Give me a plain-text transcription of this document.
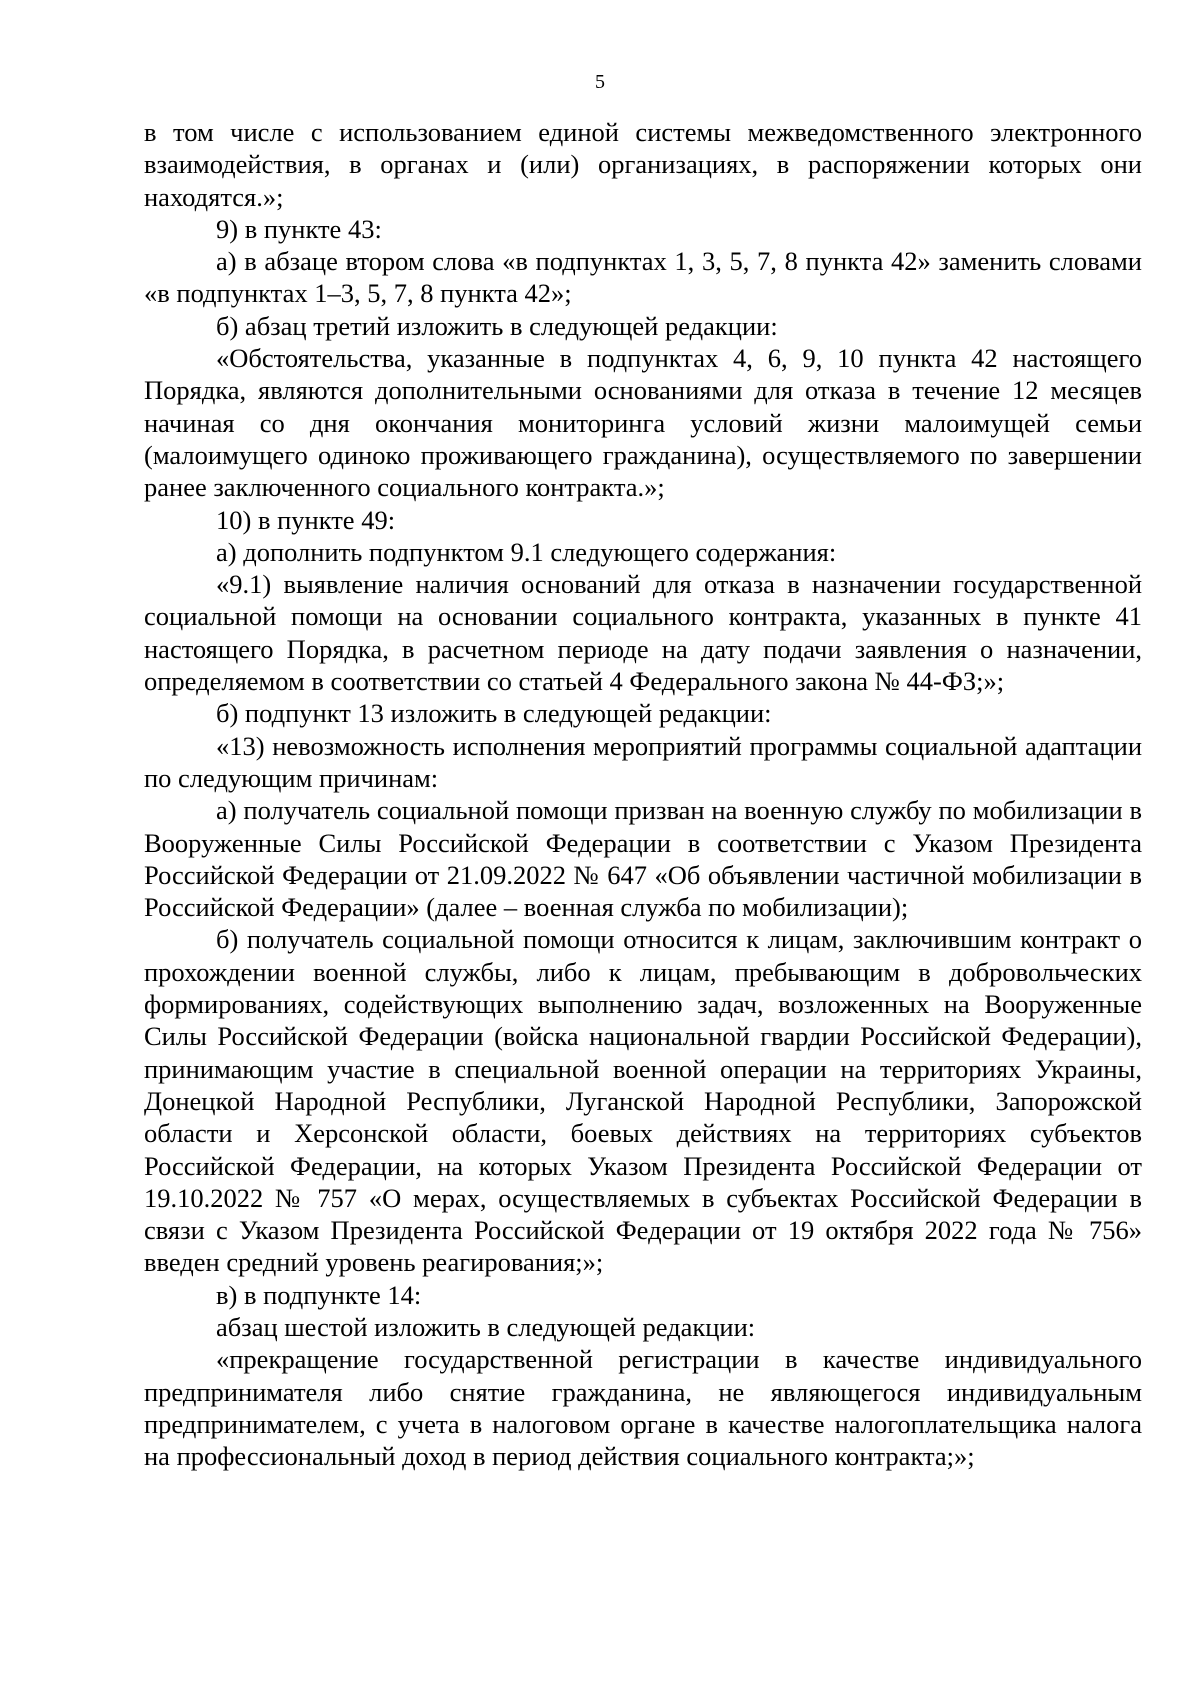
5

в том числе с использованием единой системы межведомственного электронного взаимодействия, в органах и (или) организациях, в распоряжении которых они находятся.»;

9) в пункте 43:

а) в абзаце втором слова «в подпунктах 1, 3, 5, 7, 8 пункта 42» заменить словами «в подпунктах 1–3, 5, 7, 8 пункта 42»;

б) абзац третий изложить в следующей редакции:

«Обстоятельства, указанные в подпунктах 4, 6, 9, 10 пункта 42 настоящего Порядка, являются дополнительными основаниями для отказа в течение 12 месяцев начиная со дня окончания мониторинга условий жизни малоимущей семьи (малоимущего одиноко проживающего гражданина), осуществляемого по завершении ранее заключенного социального контракта.»;

10) в пункте 49:

а) дополнить подпунктом 9.1 следующего содержания:

«9.1) выявление наличия оснований для отказа в назначении государственной социальной помощи на основании социального контракта, указанных в пункте 41 настоящего Порядка, в расчетном периоде на дату подачи заявления о назначении, определяемом в соответствии со статьей 4 Федерального закона № 44-ФЗ;»;

б) подпункт 13 изложить в следующей редакции:

«13) невозможность исполнения мероприятий программы социальной адаптации по следующим причинам:

а) получатель социальной помощи призван на военную службу по мобилизации в Вооруженные Силы Российской Федерации в соответствии с Указом Президента Российской Федерации от 21.09.2022 № 647 «Об объявлении частичной мобилизации в Российской Федерации» (далее – военная служба по мобилизации);

б) получатель социальной помощи относится к лицам, заключившим контракт о прохождении военной службы, либо к лицам, пребывающим в добровольческих формированиях, содействующих выполнению задач, возложенных на Вооруженные Силы Российской Федерации (войска национальной гвардии Российской Федерации), принимающим участие в специальной военной операции на территориях Украины, Донецкой Народной Республики, Луганской Народной Республики, Запорожской области и Херсонской области, боевых действиях на территориях субъектов Российской Федерации, на которых Указом Президента Российской Федерации от 19.10.2022 № 757 «О мерах, осуществляемых в субъектах Российской Федерации в связи с Указом Президента Российской Федерации от 19 октября 2022 года № 756» введен средний уровень реагирования;»;

в) в подпункте 14:

абзац шестой изложить в следующей редакции:

«прекращение государственной регистрации в качестве индивидуального предпринимателя либо снятие гражданина, не являющегося индивидуальным предпринимателем, с учета в налоговом органе в качестве налогоплательщика налога на профессиональный доход в период действия социального контракта;»;
